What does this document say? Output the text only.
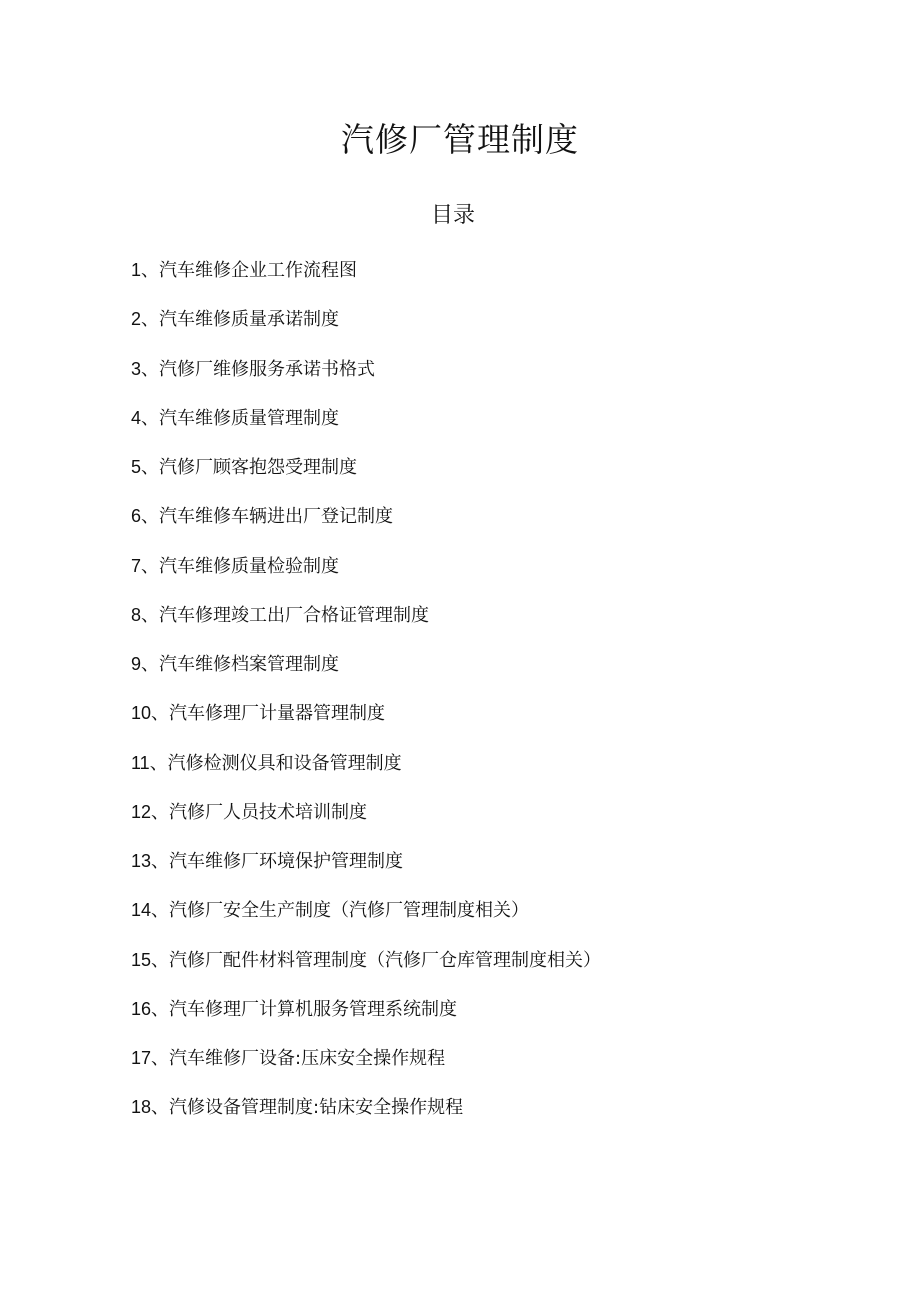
汽修厂管理制度
目录
1、汽车维修企业工作流程图
2、汽车维修质量承诺制度
3、汽修厂维修服务承诺书格式
4、汽车维修质量管理制度
5、汽修厂顾客抱怨受理制度
6、汽车维修车辆进出厂登记制度
7、汽车维修质量检验制度
8、汽车修理竣工出厂合格证管理制度
9、汽车维修档案管理制度
10、汽车修理厂计量器管理制度
11、汽修检测仪具和设备管理制度
12、汽修厂人员技术培训制度
13、汽车维修厂环境保护管理制度
14、汽修厂安全生产制度（汽修厂管理制度相关）
15、汽修厂配件材料管理制度（汽修厂仓库管理制度相关）
16、汽车修理厂计算机服务管理系统制度
17、汽车维修厂设备:压床安全操作规程
18、汽修设备管理制度:钻床安全操作规程
